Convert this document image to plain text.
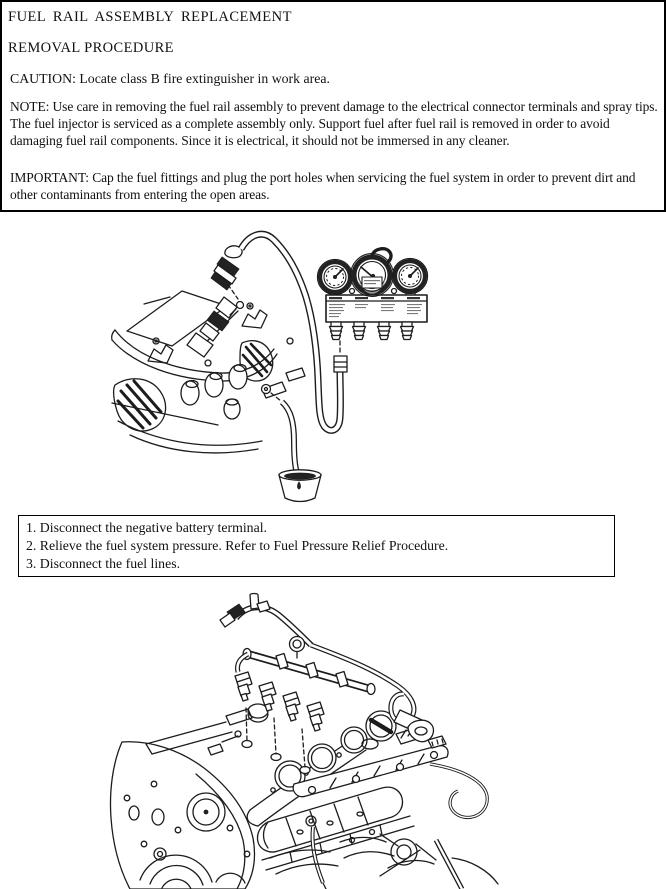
FUEL RAIL ASSEMBLY REPLACEMENT
REMOVAL PROCEDURE
CAUTION: Locate class B fire extinguisher in work area.
NOTE: Use care in removing the fuel rail assembly to prevent damage to the electrical connector terminals and spray tips. The fuel injector is serviced as a complete assembly only. Support fuel after fuel rail is removed in order to avoid damaging fuel rail components. Since it is electrical, it should not be immersed in any cleaner.
IMPORTANT: Cap the fuel fittings and plug the port holes when servicing the fuel system in order to prevent dirt and other contaminants from entering the open areas.
1. Disconnect the negative battery terminal.
2. Relieve the fuel system pressure. Refer to Fuel Pressure Relief Procedure.
3. Disconnect the fuel lines.
